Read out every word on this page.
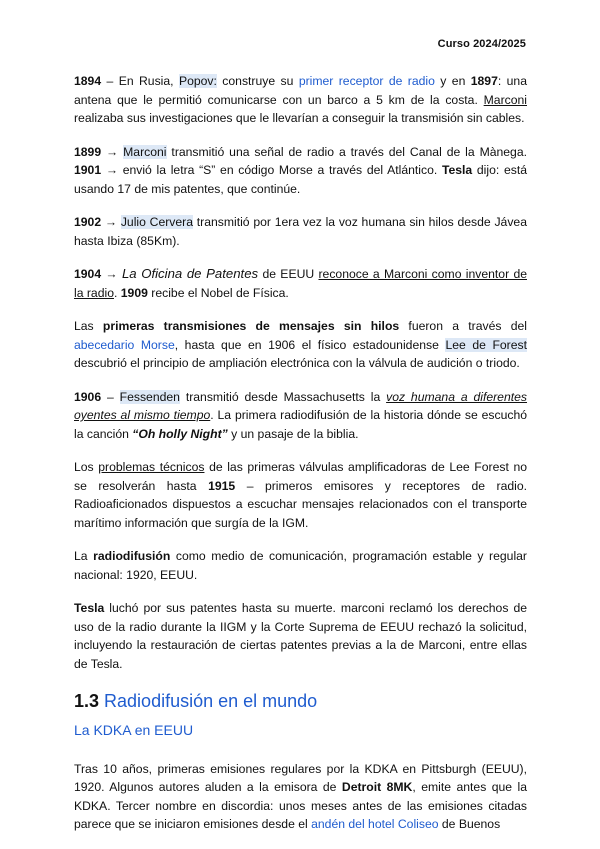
Curso 2024/2025

1894 – En Rusia, Popov: construye su primer receptor de radio y en 1897: una antena que le permitió comunicarse con un barco a 5 km de la costa. Marconi realizaba sus investigaciones que le llevarían a conseguir la transmisión sin cables.

1899 → Marconi transmitió una señal de radio a través del Canal de la Mànega. 1901 → envió la letra “S” en código Morse a través del Atlántico. Tesla dijo: está usando 17 de mis patentes, que continúe.

1902 → Julio Cervera transmitió por 1era vez la voz humana sin hilos desde Jávea hasta Ibiza (85Km).

1904 → La Oficina de Patentes de EEUU reconoce a Marconi como inventor de la radio. 1909 recibe el Nobel de Física.

Las primeras transmisiones de mensajes sin hilos fueron a través del abecedario Morse, hasta que en 1906 el físico estadounidense Lee de Forest descubrió el principio de ampliación electrónica con la válvula de audición o triodo.

1906 – Fessenden transmitió desde Massachusetts la voz humana a diferentes oyentes al mismo tiempo. La primera radiodifusión de la historia dónde se escuchó la canción “Oh holly Night” y un pasaje de la biblia.

Los problemas técnicos de las primeras válvulas amplificadoras de Lee Forest no se resolverán hasta 1915 – primeros emisores y receptores de radio. Radioaficionados dispuestos a escuchar mensajes relacionados con el transporte marítimo información que surgía de la IGM.

La radiodifusión como medio de comunicación, programación estable y regular nacional: 1920, EEUU.

Tesla luchó por sus patentes hasta su muerte. marconi reclamó los derechos de uso de la radio durante la IIGM y la Corte Suprema de EEUU rechazó la solicitud, incluyendo la restauración de ciertas patentes previas a la de Marconi, entre ellas de Tesla.

1.3 Radiodifusión en el mundo
La KDKA en EEUU

Tras 10 años, primeras emisiones regulares por la KDKA en Pittsburgh (EEUU), 1920. Algunos autores aluden a la emisora de Detroit 8MK, emite antes que la KDKA. Tercer nombre en discordia: unos meses antes de las emisiones citadas parece que se iniciaron emisiones desde el andén del hotel Coliseo de Buenos
